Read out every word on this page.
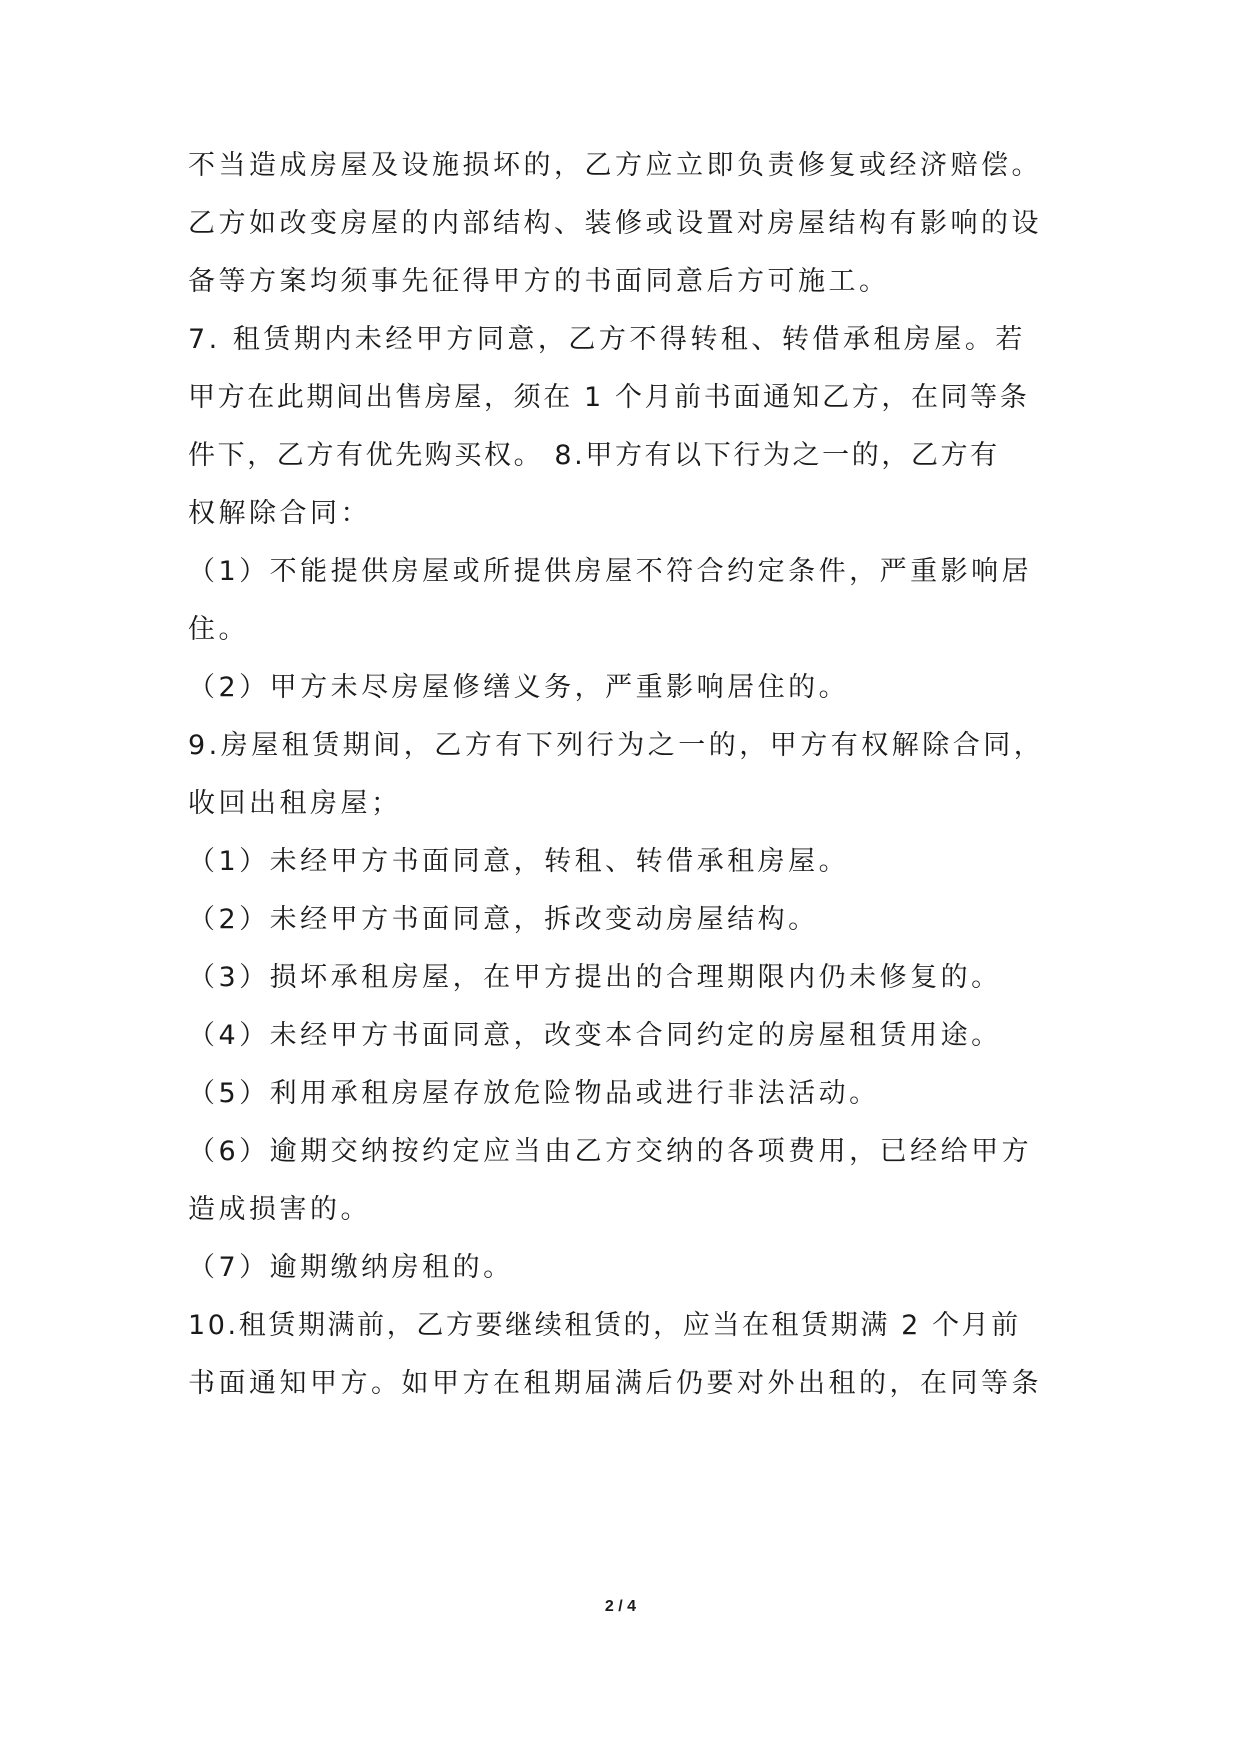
不当造成房屋及设施损坏的，乙方应立即负责修复或经济赔偿。
乙方如改变房屋的内部结构、装修或设置对房屋结构有影响的设
备等方案均须事先征得甲方的书面同意后方可施工。
7. 租赁期内未经甲方同意，乙方不得转租、转借承租房屋。若
甲方在此期间出售房屋，须在 1 个月前书面通知乙方，在同等条
件下，乙方有优先购买权。 8.甲方有以下行为之一的，乙方有
权解除合同：
（1）不能提供房屋或所提供房屋不符合约定条件，严重影响居
住。
（2）甲方未尽房屋修缮义务，严重影响居住的。
9.房屋租赁期间，乙方有下列行为之一的，甲方有权解除合同，
收回出租房屋；
（1）未经甲方书面同意，转租、转借承租房屋。
（2）未经甲方书面同意，拆改变动房屋结构。
（3）损坏承租房屋，在甲方提出的合理期限内仍未修复的。
（4）未经甲方书面同意，改变本合同约定的房屋租赁用途。
（5）利用承租房屋存放危险物品或进行非法活动。
（6）逾期交纳按约定应当由乙方交纳的各项费用，已经给甲方
造成损害的。
（7）逾期缴纳房租的。
10.租赁期满前，乙方要继续租赁的，应当在租赁期满 2 个月前
书面通知甲方。如甲方在租期届满后仍要对外出租的，在同等条
2 / 4
